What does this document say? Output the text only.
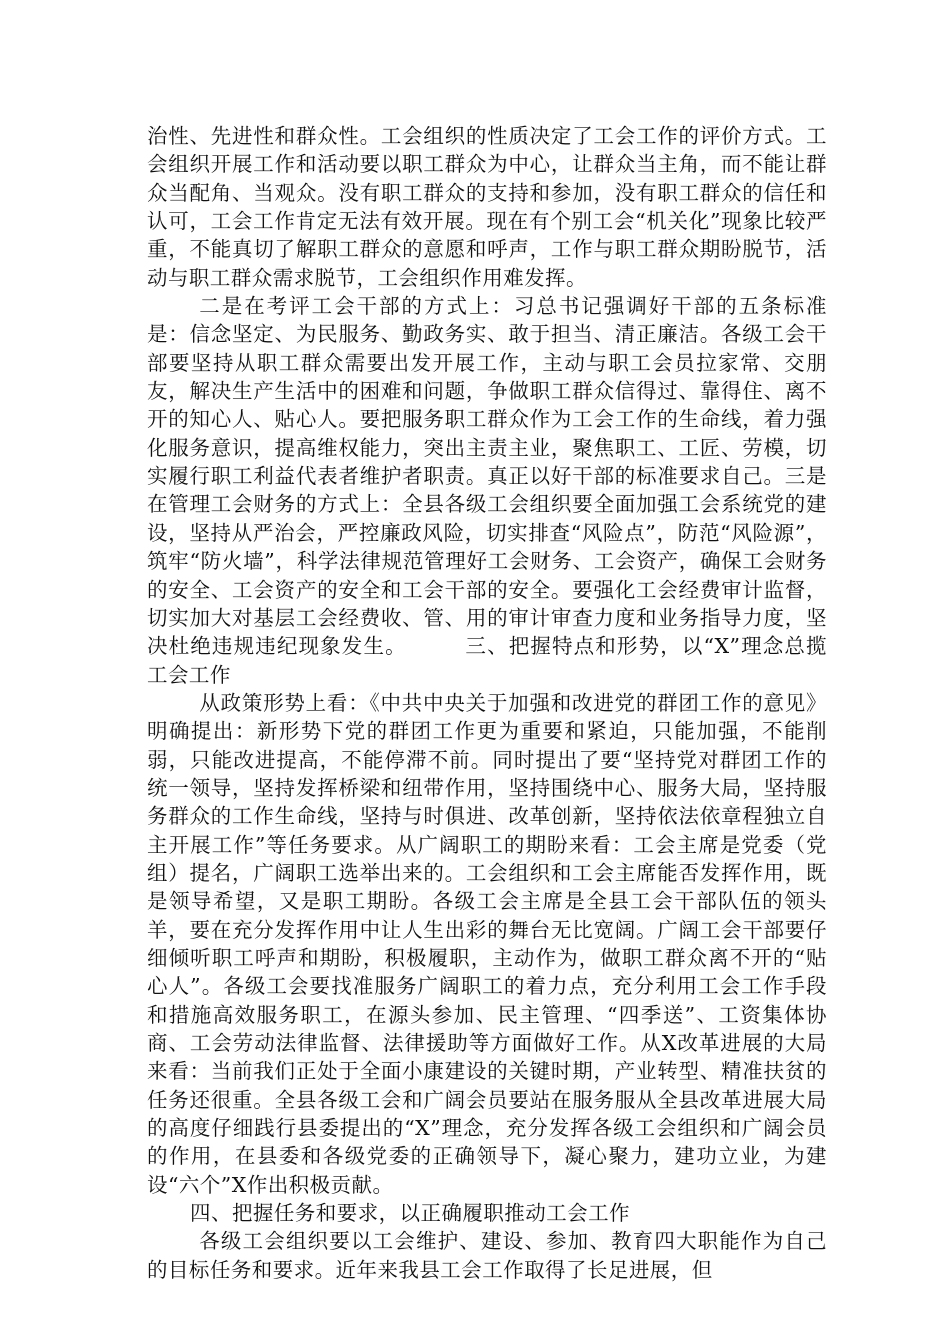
治性、先进性和群众性。工会组织的性质决定了工会工作的评价方式。工会组织开展工作和活动要以职工群众为中心，让群众当主角，而不能让群众当配角、当观众。没有职工群众的支持和参加，没有职工群众的信任和认可，工会工作肯定无法有效开展。现在有个别工会“机关化”现象比较严重，不能真切了解职工群众的意愿和呼声，工作与职工群众期盼脱节，活动与职工群众需求脱节，工会组织作用难发挥。

二是在考评工会干部的方式上：习总书记强调好干部的五条标准是：信念坚定、为民服务、勤政务实、敢于担当、清正廉洁。各级工会干部要坚持从职工群众需要出发开展工作，主动与职工会员拉家常、交朋友，解决生产生活中的困难和问题，争做职工群众信得过、靠得住、离不开的知心人、贴心人。要把服务职工群众作为工会工作的生命线，着力强化服务意识，提高维权能力，突出主责主业，聚焦职工、工匠、劳模，切实履行职工利益代表者维护者职责。真正以好干部的标准要求自己。三是在管理工会财务的方式上：全县各级工会组织要全面加强工会系统党的建设，坚持从严治会，严控廉政风险，切实排查“风险点”，防范“风险源”，筑牢“防火墙”，科学法律规范管理好工会财务、工会资产，确保工会财务的安全、工会资产的安全和工会干部的安全。要强化工会经费审计监督，切实加大对基层工会经费收、管、用的审计审查力度和业务指导力度，坚决杜绝违规违纪现象发生。	三、把握特点和形势，以“X”理念总揽工会工作

从政策形势上看：《中共中央关于加强和改进党的群团工作的意见》明确提出：新形势下党的群团工作更为重要和紧迫，只能加强，不能削弱，只能改进提高，不能停滞不前。同时提出了要“坚持党对群团工作的统一领导，坚持发挥桥梁和纽带作用，坚持围绕中心、服务大局，坚持服务群众的工作生命线，坚持与时俱进、改革创新，坚持依法依章程独立自主开展工作”等任务要求。从广阔职工的期盼来看：工会主席是党委（党组）提名，广阔职工选举出来的。工会组织和工会主席能否发挥作用，既是领导希望，又是职工期盼。各级工会主席是全县工会干部队伍的领头羊，要在充分发挥作用中让人生出彩的舞台无比宽阔。广阔工会干部要仔细倾听职工呼声和期盼，积极履职，主动作为，做职工群众离不开的“贴心人”。各级工会要找准服务广阔职工的着力点，充分利用工会工作手段和措施高效服务职工，在源头参加、民主管理、“四季送”、工资集体协商、工会劳动法律监督、法律援助等方面做好工作。从X改革进展的大局来看：当前我们正处于全面小康建设的关键时期，产业转型、精准扶贫的任务还很重。全县各级工会和广阔会员要站在服务服从全县改革进展大局的高度仔细践行县委提出的“X”理念，充分发挥各级工会组织和广阔会员的作用，在县委和各级党委的正确领导下，凝心聚力，建功立业，为建设“六个”X作出积极贡献。

四、把握任务和要求，以正确履职推动工会工作

各级工会组织要以工会维护、建设、参加、教育四大职能作为自己的目标任务和要求。近年来我县工会工作取得了长足进展，但
